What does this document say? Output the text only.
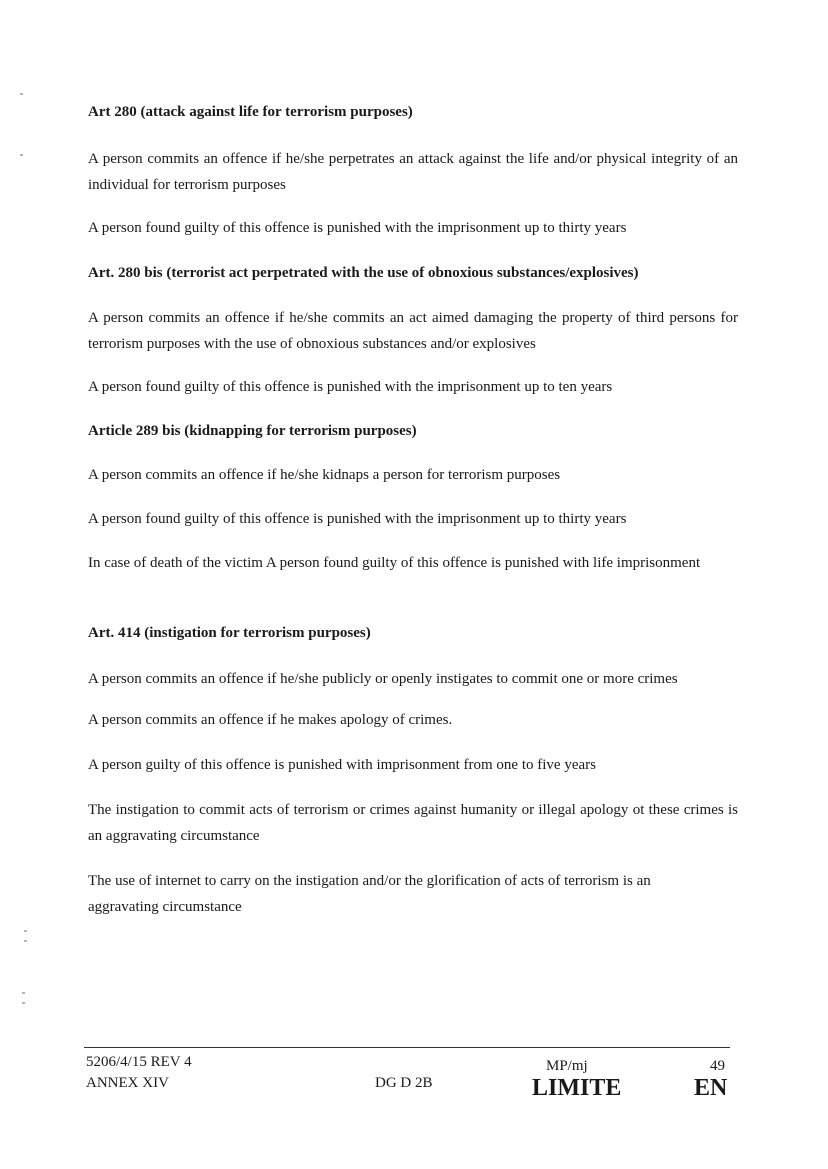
Art 280 (attack against life for terrorism purposes)
A person commits an offence if he/she perpetrates an attack against the life and/or physical integrity of an individual for terrorism purposes
A person found guilty of this offence is punished with the imprisonment up to thirty years
Art. 280 bis (terrorist act perpetrated with the use of obnoxious substances/explosives)
A person commits an offence if he/she commits an act aimed damaging the property of third persons for terrorism purposes with the use of obnoxious substances and/or explosives
A person found guilty of this offence is punished with the imprisonment up to ten years
Article 289 bis (kidnapping for terrorism purposes)
A person commits an offence if he/she kidnaps a person for terrorism purposes
A person found guilty of this offence is punished with the imprisonment up to thirty years
In case of death of the victim A person found guilty of this offence is punished with life imprisonment
Art. 414 (instigation for terrorism purposes)
A person commits an offence if he/she publicly or openly instigates to commit one or more crimes
A person commits an offence if he makes apology of crimes.
A person guilty of this offence is punished with imprisonment from one to five years
The instigation to commit acts of terrorism or crimes against humanity or illegal apology ot these crimes is an aggravating circumstance
The use of internet to carry on the instigation and/or the glorification of acts of terrorism is an aggravating circumstance
5206/4/15 REV 4
ANNEX XIV	DG D 2B
MP/mj	49
LIMITE	EN
